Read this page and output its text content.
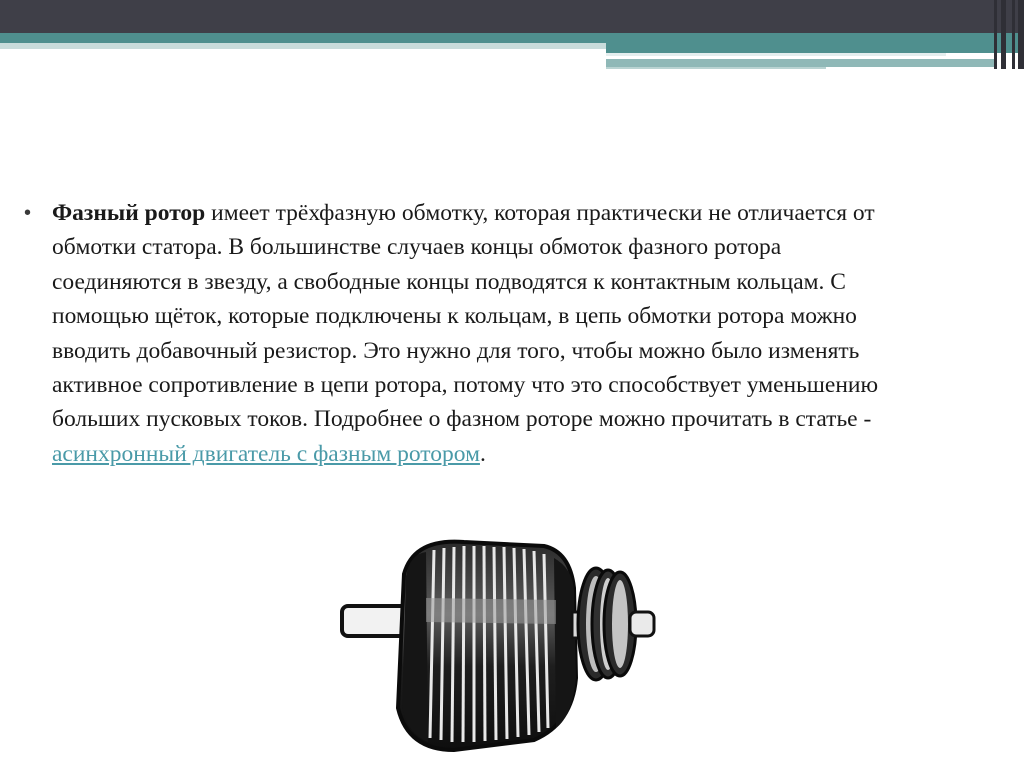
• Фазный ротор имеет трёхфазную обмотку, которая практически не отличается от обмотки статора. В большинстве случаев концы обмоток фазного ротора соединяются в звезду, а свободные концы подводятся к контактным кольцам. С помощью щёток, которые подключены к кольцам, в цепь обмотки ротора можно вводить добавочный резистор. Это нужно для того, чтобы можно было изменять активное сопротивление в цепи ротора, потому что это способствует уменьшению больших пусковых токов. Подробнее о фазном роторе можно прочитать в статье - асинхронный двигатель с фазным ротором.
